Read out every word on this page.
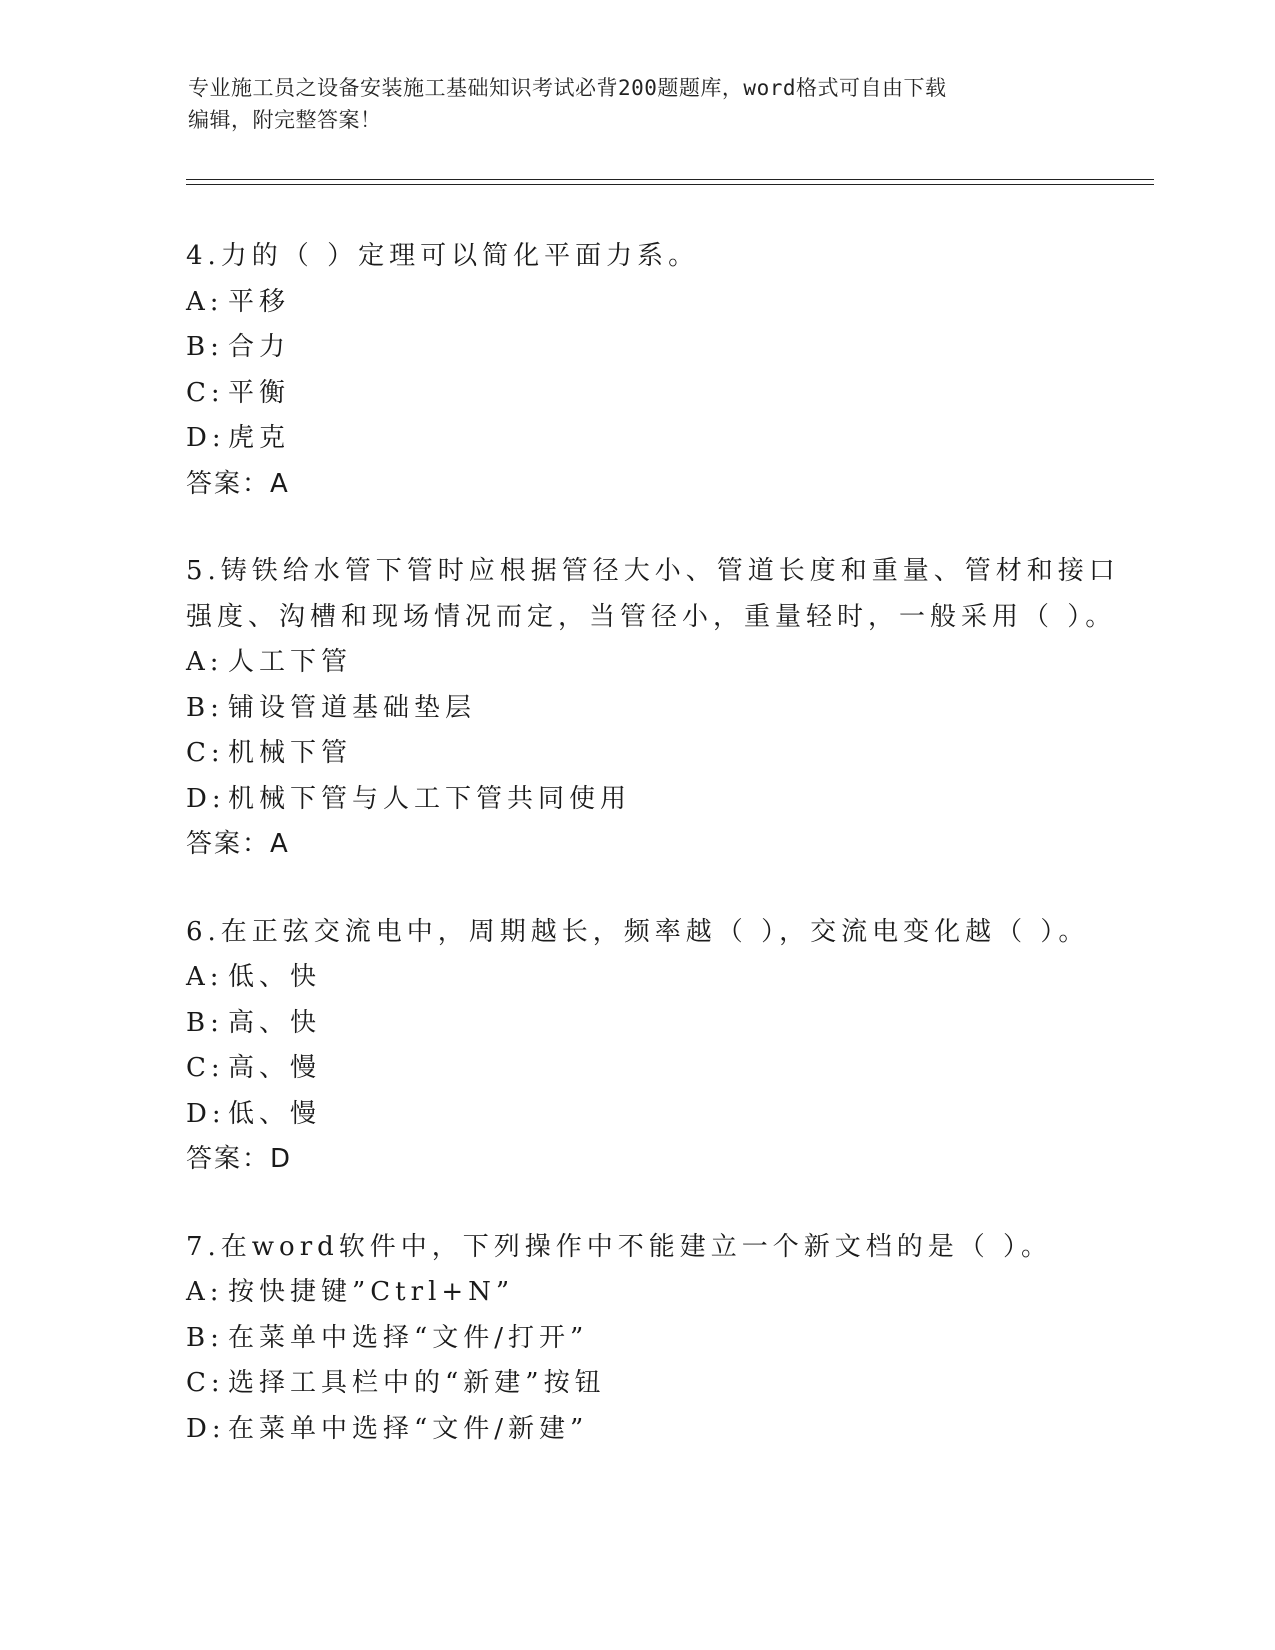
专业施工员之设备安装施工基础知识考试必背200题题库，word格式可自由下载
编辑，附完整答案！
4.力的（ ）定理可以简化平面力系。
A: 平移
B: 合力
C: 平衡
D:虎克
答案：A
5.铸铁给水管下管时应根据管径大小、管道长度和重量、管材和接口
强度、沟槽和现场情况而定，当管径小，重量轻时，一般采用（ ）。
A: 人工下管
B: 铺设管道基础垫层
C: 机械下管
D:机械下管与人工下管共同使用
答案：A
6.在正弦交流电中，周期越长，频率越（ ），交流电变化越（ ）。
A: 低、快
B: 高、快
C: 高、慢
D:低、慢
答案：D
7.在word软件中，下列操作中不能建立一个新文档的是（ ）。
A: 按快捷键”Ctrl+N”
B: 在菜单中选择“文件/打开”
C: 选择工具栏中的“新建”按钮
D:在菜单中选择“文件/新建”
